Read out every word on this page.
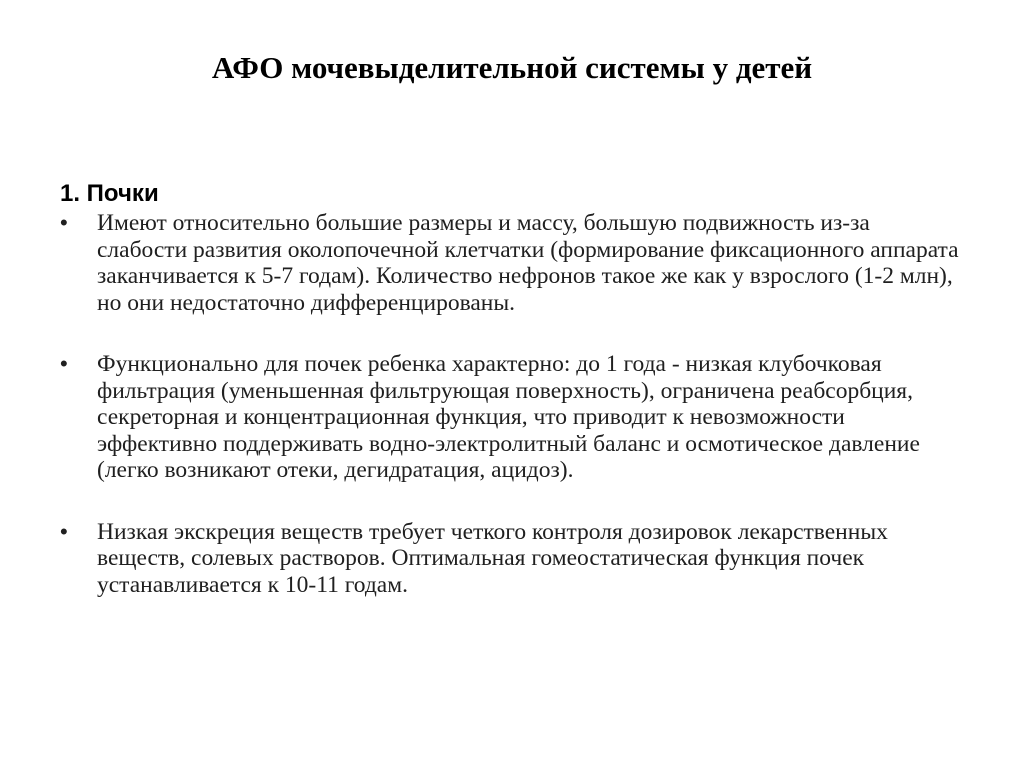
АФО мочевыделительной системы у детей
1. Почки
• Имеют относительно большие размеры и массу, большую подвижность из-за слабости развития околопочечной клетчатки (формирование фиксационного аппарата заканчивается к 5-7 годам). Количество нефронов такое же как у взрослого (1-2 млн), но они недостаточно дифференцированы.
• Функционально для почек ребенка характерно: до 1 года - низкая клубочковая фильтрация (уменьшенная фильтрующая поверхность), ограничена реабсорбция, секреторная и концентрационная функция, что приводит к невозможности эффективно поддерживать водно-электролитный баланс и осмотическое давление (легко возникают отеки, дегидратация, ацидоз).
• Низкая экскреция веществ требует четкого контроля дозировок лекарственных веществ, солевых растворов. Оптимальная гомеостатическая функция почек устанавливается к 10-11 годам.
